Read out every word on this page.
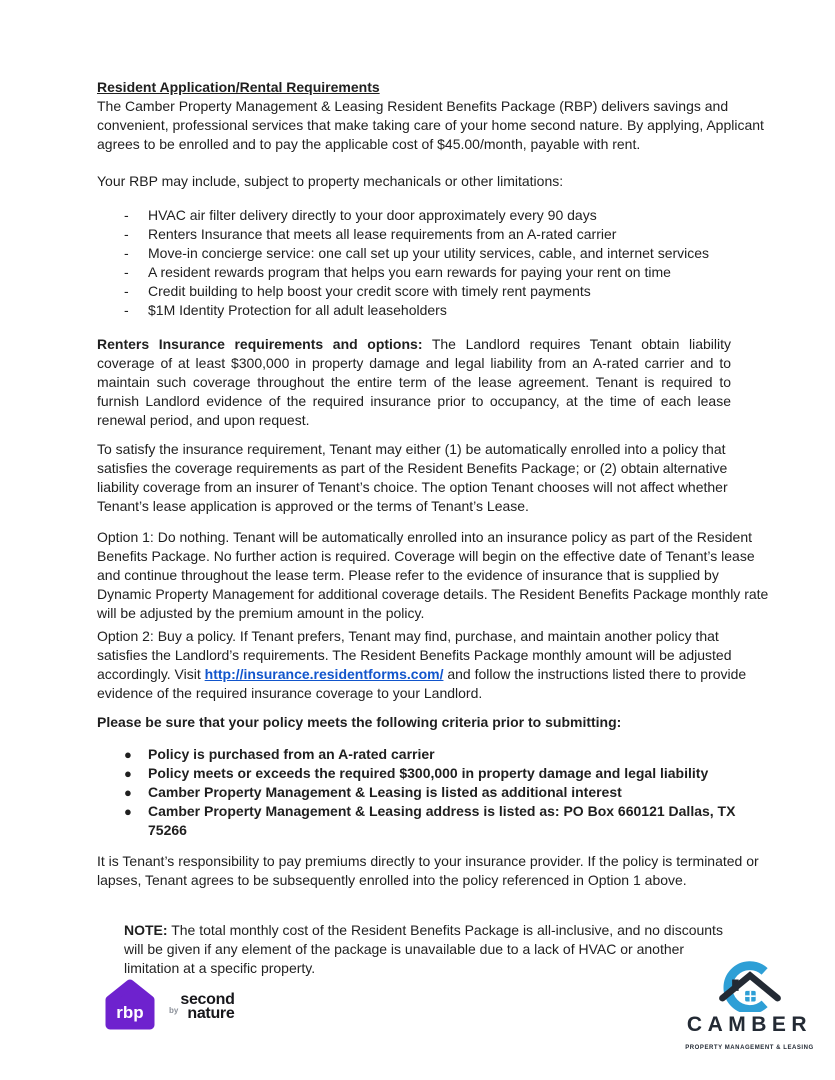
Resident Application/Rental Requirements

The Camber Property Management & Leasing Resident Benefits Package (RBP) delivers savings and convenient, professional services that make taking care of your home second nature. By applying, Applicant agrees to be enrolled and to pay the applicable cost of $45.00/month, payable with rent.

Your RBP may include, subject to property mechanicals or other limitations:

-	HVAC air filter delivery directly to your door approximately every 90 days
-	Renters Insurance that meets all lease requirements from an A-rated carrier
-	Move-in concierge service: one call set up your utility services, cable, and internet services
-	A resident rewards program that helps you earn rewards for paying your rent on time
-	Credit building to help boost your credit score with timely rent payments
-	$1M Identity Protection for all adult leaseholders

Renters Insurance requirements and options: The Landlord requires Tenant obtain liability coverage of at least $300,000 in property damage and legal liability from an A-rated carrier and to maintain such coverage throughout the entire term of the lease agreement. Tenant is required to furnish Landlord evidence of the required insurance prior to occupancy, at the time of each lease renewal period, and upon request.

To satisfy the insurance requirement, Tenant may either (1) be automatically enrolled into a policy that satisfies the coverage requirements as part of the Resident Benefits Package; or (2) obtain alternative liability coverage from an insurer of Tenant’s choice. The option Tenant chooses will not affect whether Tenant’s lease application is approved or the terms of Tenant’s Lease.

Option 1: Do nothing. Tenant will be automatically enrolled into an insurance policy as part of the Resident Benefits Package. No further action is required. Coverage will begin on the effective date of Tenant’s lease and continue throughout the lease term. Please refer to the evidence of insurance that is supplied by Dynamic Property Management for additional coverage details. The Resident Benefits Package monthly rate will be adjusted by the premium amount in the policy.

Option 2: Buy a policy. If Tenant prefers, Tenant may find, purchase, and maintain another policy that satisfies the Landlord’s requirements. The Resident Benefits Package monthly amount will be adjusted accordingly. Visit http://insurance.residentforms.com/ and follow the instructions listed there to provide evidence of the required insurance coverage to your Landlord.

Please be sure that your policy meets the following criteria prior to submitting:

●	Policy is purchased from an A-rated carrier
●	Policy meets or exceeds the required $300,000 in property damage and legal liability
●	Camber Property Management & Leasing is listed as additional interest
●	Camber Property Management & Leasing address is listed as: PO Box 660121 Dallas, TX 75266

It is Tenant’s responsibility to pay premiums directly to your insurance provider. If the policy is terminated or lapses, Tenant agrees to be subsequently enrolled into the policy referenced in Option 1 above.

NOTE: The total monthly cost of the Resident Benefits Package is all-inclusive, and no discounts will be given if any element of the package is unavailable due to a lack of HVAC or another limitation at a specific property.

rbp	by
second
nature	CAMBER
PROPERTY MANAGEMENT & LEASING
